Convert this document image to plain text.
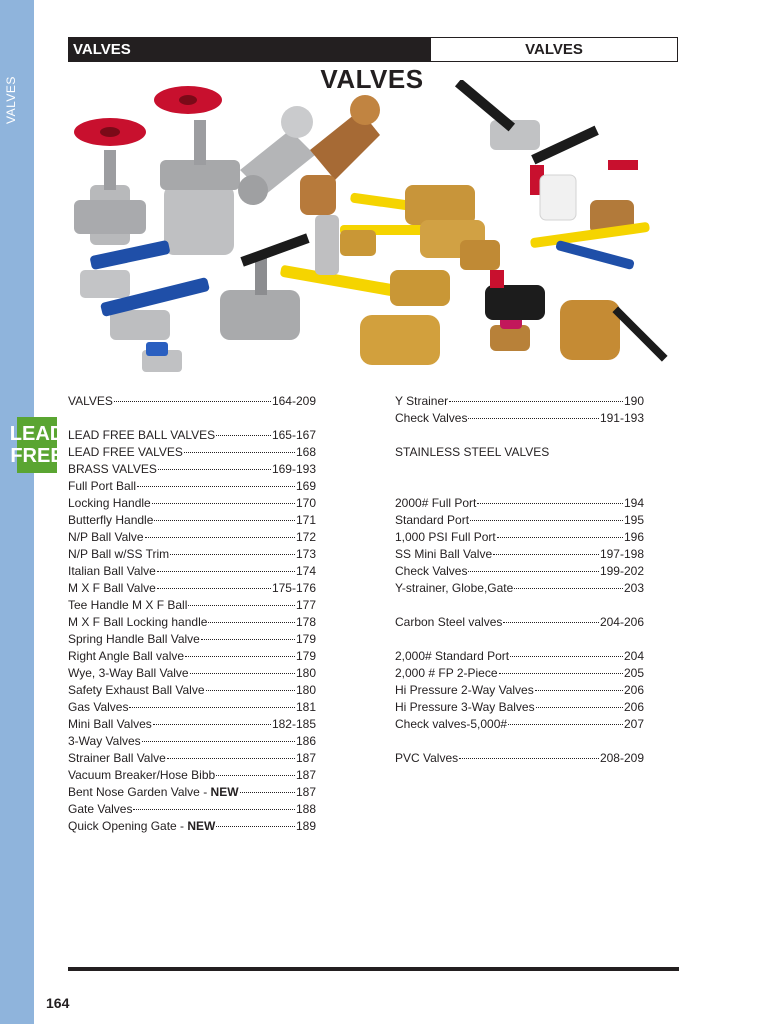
VALVES
VALVES	VALVES
VALVES
LEAD
FREE
VALVES	164-209
LEAD FREE BALL VALVES	165-167
LEAD FREE VALVES	168
BRASS VALVES	169-193
Full Port Ball	169
Locking Handle	170
Butterfly Handle	171
N/P Ball Valve	172
N/P Ball w/SS Trim	173
Italian Ball Valve	174
M X F Ball Valve	175-176
Tee Handle M X F Ball	177
M X F Ball Locking handle	178
Spring Handle Ball Valve	179
Right Angle Ball valve	179
Wye, 3-Way Ball Valve	180
Safety Exhaust Ball Valve	180
Gas Valves	181
Mini Ball Valves	182-185
3-Way Valves	186
Strainer Ball Valve	187
Vacuum Breaker/Hose Bibb	187
Bent Nose Garden Valve - NEW	187
Gate Valves	188
Quick Opening Gate - NEW	189
Y Strainer	190
Check Valves	191-193
STAINLESS STEEL VALVES
2000# Full Port	194
Standard Port	195
1,000 PSI Full Port	196
SS Mini Ball Valve	197-198
Check Valves	199-202
Y-strainer, Globe,Gate	203
Carbon Steel valves	204-206
2,000# Standard Port	204
2,000 # FP 2-Piece	205
Hi Pressure 2-Way Valves	206
Hi Pressure 3-Way Balves	206
Check valves-5,000#	207
PVC Valves	208-209
164
